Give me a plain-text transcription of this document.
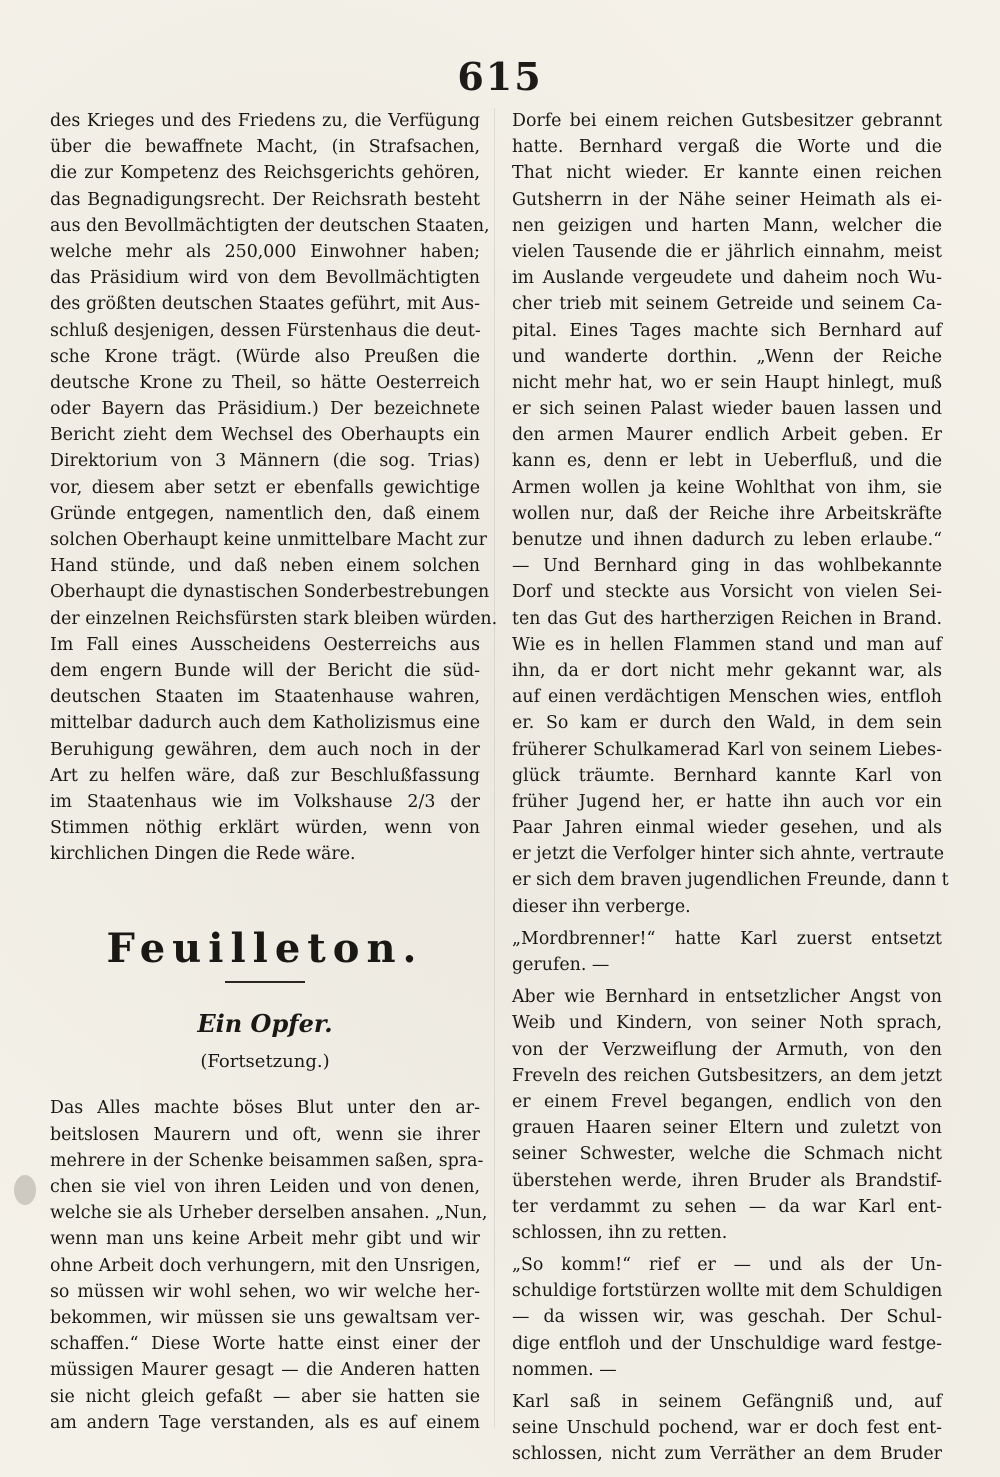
615
des Krieges und des Friedens zu, die Verfügung
über die bewaffnete Macht, (in Strafsachen,
die zur Kompetenz des Reichsgerichts gehören,
das Begnadigungsrecht. Der Reichsrath besteht
aus den Bevollmächtigten der deutschen Staaten,
welche mehr als 250,000 Einwohner haben;
das Präsidium wird von dem Bevollmächtigten
des größten deutschen Staates geführt, mit Aus-
schluß desjenigen, dessen Fürstenhaus die deut-
sche Krone trägt. (Würde also Preußen die
deutsche Krone zu Theil, so hätte Oesterreich
oder Bayern das Präsidium.) Der bezeichnete
Bericht zieht dem Wechsel des Oberhaupts ein
Direktorium von 3 Männern (die sog. Trias)
vor, diesem aber setzt er ebenfalls gewichtige
Gründe entgegen, namentlich den, daß einem
solchen Oberhaupt keine unmittelbare Macht zur
Hand stünde, und daß neben einem solchen
Oberhaupt die dynastischen Sonderbestrebungen
der einzelnen Reichsfürsten stark bleiben würden.
Im Fall eines Ausscheidens Oesterreichs aus
dem engern Bunde will der Bericht die süd-
deutschen Staaten im Staatenhause wahren,
mittelbar dadurch auch dem Katholizismus eine
Beruhigung gewähren, dem auch noch in der
Art zu helfen wäre, daß zur Beschlußfassung
im Staatenhaus wie im Volkshause 2/3 der
Stimmen nöthig erklärt würden, wenn von
kirchlichen Dingen die Rede wäre.
Feuilleton.
Ein Opfer.
(Fortsetzung.)
Das Alles machte böses Blut unter den ar-
beitslosen Maurern und oft, wenn sie ihrer
mehrere in der Schenke beisammen saßen, spra-
chen sie viel von ihren Leiden und von denen,
welche sie als Urheber derselben ansahen. „Nun,
wenn man uns keine Arbeit mehr gibt und wir
ohne Arbeit doch verhungern, mit den Unsrigen,
so müssen wir wohl sehen, wo wir welche her-
bekommen, wir müssen sie uns gewaltsam ver-
schaffen.“ Diese Worte hatte einst einer der
müssigen Maurer gesagt — die Anderen hatten
sie nicht gleich gefaßt — aber sie hatten sie
am andern Tage verstanden, als es auf einem
Dorfe bei einem reichen Gutsbesitzer gebrannt
hatte. Bernhard vergaß die Worte und die
That nicht wieder. Er kannte einen reichen
Gutsherrn in der Nähe seiner Heimath als ei-
nen geizigen und harten Mann, welcher die
vielen Tausende die er jährlich einnahm, meist
im Auslande vergeudete und daheim noch Wu-
cher trieb mit seinem Getreide und seinem Ca-
pital. Eines Tages machte sich Bernhard auf
und wanderte dorthin. „Wenn der Reiche
nicht mehr hat, wo er sein Haupt hinlegt, muß
er sich seinen Palast wieder bauen lassen und
den armen Maurer endlich Arbeit geben. Er
kann es, denn er lebt in Ueberfluß, und die
Armen wollen ja keine Wohlthat von ihm, sie
wollen nur, daß der Reiche ihre Arbeitskräfte
benutze und ihnen dadurch zu leben erlaube.“
— Und Bernhard ging in das wohlbekannte
Dorf und steckte aus Vorsicht von vielen Sei-
ten das Gut des hartherzigen Reichen in Brand.
Wie es in hellen Flammen stand und man auf
ihn, da er dort nicht mehr gekannt war, als
auf einen verdächtigen Menschen wies, entfloh
er. So kam er durch den Wald, in dem sein
früherer Schulkamerad Karl von seinem Liebes-
glück träumte. Bernhard kannte Karl von
früher Jugend her, er hatte ihn auch vor ein
Paar Jahren einmal wieder gesehen, und als
er jetzt die Verfolger hinter sich ahnte, vertraute
er sich dem braven jugendlichen Freunde, dann t
dieser ihn verberge.
„Mordbrenner!“ hatte Karl zuerst entsetzt
gerufen. —
Aber wie Bernhard in entsetzlicher Angst von
Weib und Kindern, von seiner Noth sprach,
von der Verzweiflung der Armuth, von den
Freveln des reichen Gutsbesitzers, an dem jetzt
er einem Frevel begangen, endlich von den
grauen Haaren seiner Eltern und zuletzt von
seiner Schwester, welche die Schmach nicht
überstehen werde, ihren Bruder als Brandstif-
ter verdammt zu sehen — da war Karl ent-
schlossen, ihn zu retten.
„So komm!“ rief er — und als der Un-
schuldige fortstürzen wollte mit dem Schuldigen
— da wissen wir, was geschah. Der Schul-
dige entfloh und der Unschuldige ward festge-
nommen. —
Karl saß in seinem Gefängniß und, auf
seine Unschuld pochend, war er doch fest ent-
schlossen, nicht zum Verräther an dem Bruder
